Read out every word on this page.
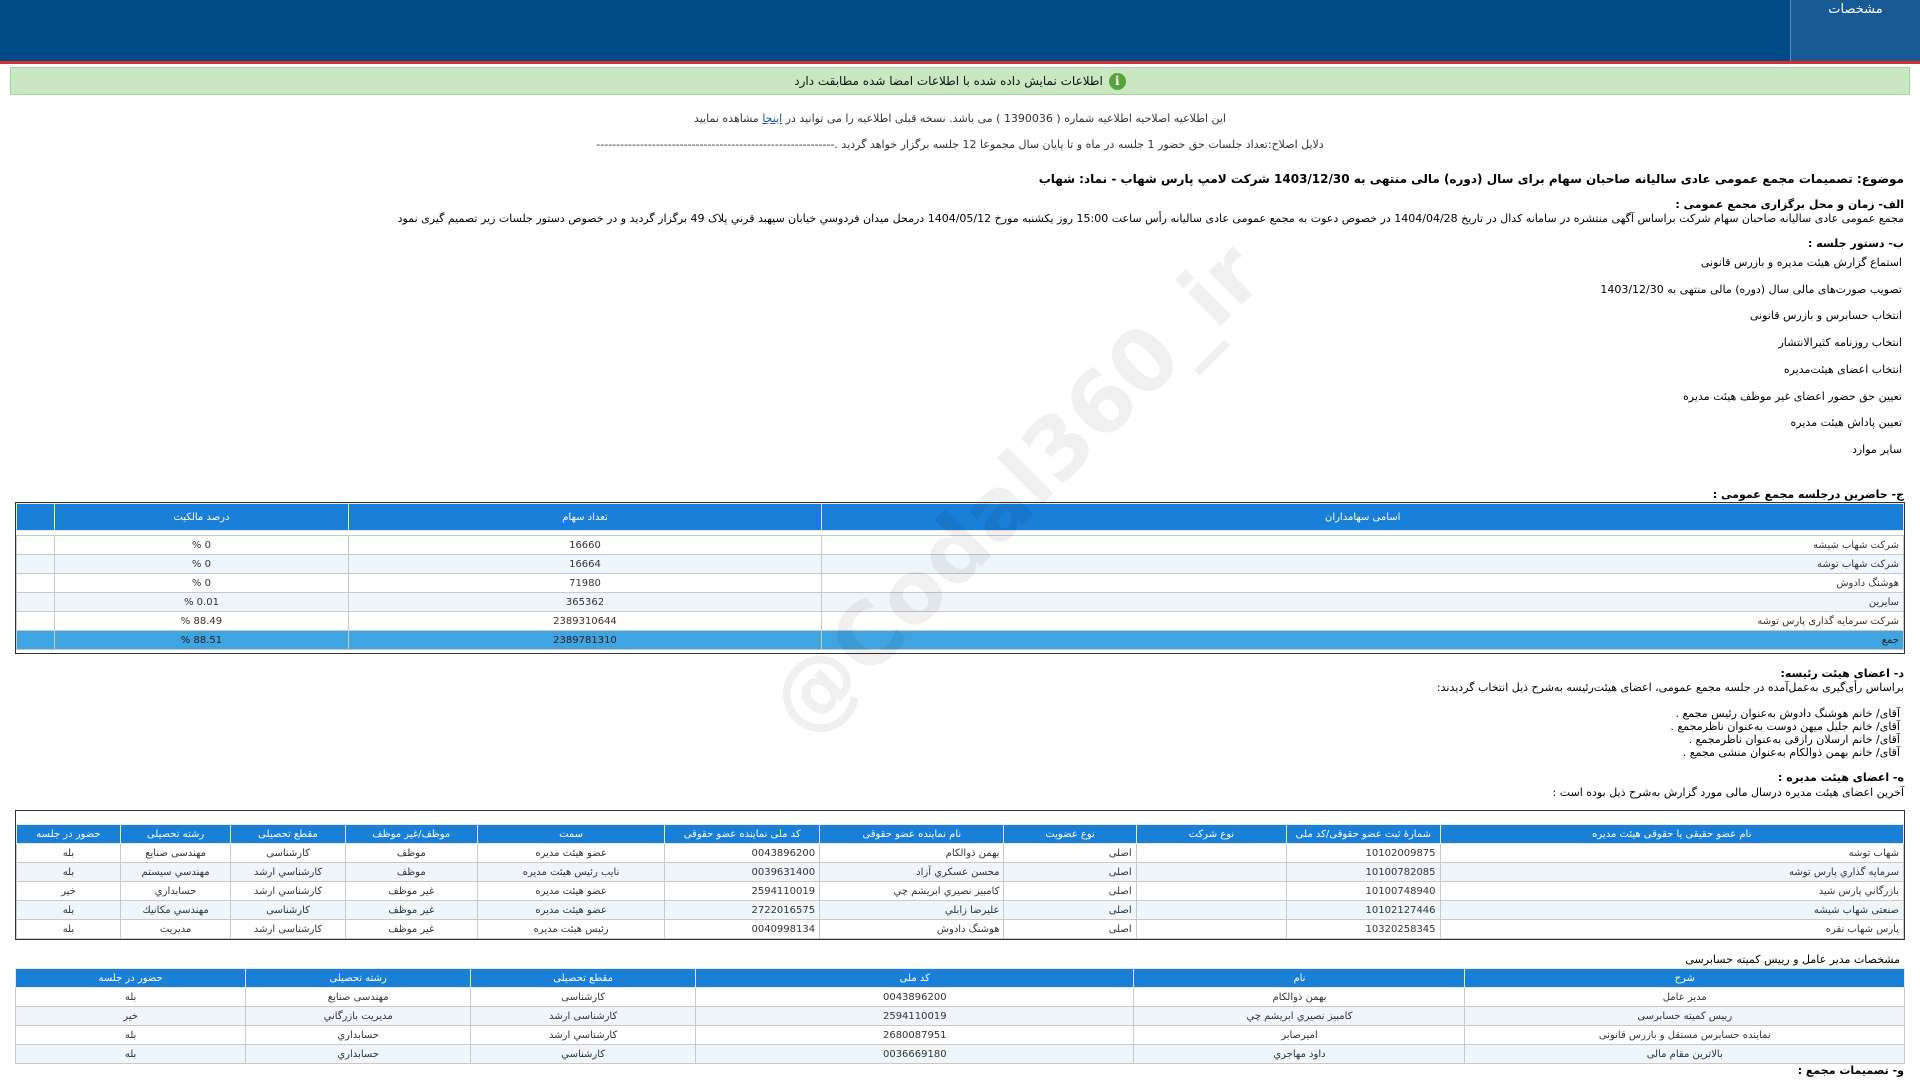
مشخصات
i
اطلاعات نمایش داده شده با اطلاعات امضا شده مطابقت دارد
این اطلاعیه اصلاحیه اطلاعیه شماره ( 1390036 ) می باشد. نسخه قبلی اطلاعیه را می توانید در اینجا مشاهده نمایید
دلایل اصلاح:تعداد جلسات حق حضور 1 جلسه در ماه و تا پایان سال مجموعا 12 جلسه برگزار خواهد گردید .------------------------------------------------------------
موضوع: تصمیمات مجمع عمومی عادی سالیانه صاحبان سهام برای سال (دوره) مالی منتهی به 1403/12/30 شرکت لامپ پارس شهاب - نماد: شهاب
الف- زمان و محل برگزاری مجمع عمومی :
مجمع عمومی عادی سالیانه صاحبان سهام شرکت براساس آگهی منتشره در سامانه کدال در تاریخ 1404/04/28 در خصوص دعوت به مجمع عمومی عادی سالیانه رأس ساعت 15:00 روز یکشنبه مورخ 1404/05/12 درمحل میدان فردوسي خيابان سپهبد قرني پلاک 49 برگزار گردید و در خصوص دستور جلسات زیر تصمیم گیری نمود
ب- دستور جلسه :
استماع گزارش هیئت مدیره و بازرس قانونی
تصویب صورت‌های مالی سال (دوره) مالی منتهی به 1403/12/30
انتخاب حسابرس و بازرس قانونی
انتخاب روزنامه کثیرالانتشار
انتخاب اعضای هیئت‌مدیره
تعیین حق حضور اعضای غیر موظف هیئت مدیره
تعیین پاداش هیئت مدیره
سایر موارد
ج- حاضرین درجلسه مجمع عمومی :
اسامی سهامداران	تعداد سهام	درصد مالکیت	

شرکت شهاب شیشه	16660	0 %	
شرکت شهاب توشه	16664	0 %	
هوشنگ دادوش	71980	0 %	
سایرین	365362	0.01 %	
شرکت سرمایه گذاری پارس توشه	2389310644	88.49 %	
جمع	2389781310	88.51 %	
د- اعضای هیئت رئیسه:
براساس رأی‌گیری به‌عمل‌آمده در جلسه مجمع عمومی، اعضای هیئت‌رئیسه به‌شرح ذیل انتخاب گردیدند:
آقای/ خانم هوشنگ دادوش به‌عنوان رئیس مجمع .
آقای/ خانم جلیل میهن دوست به‌عنوان ناظرمجمع .
آقای/ خانم ارسلان رازقی به‌عنوان ناظرمجمع .
آقای/ خانم بهمن ذوالکام به‌عنوان منشی مجمع .
ه- اعضای هیئت مدیره :
آخرین اعضای هیئت مدیره درسال مالی مورد گزارش به‌شرح ذیل بوده است :
نام عضو حقیقی یا حقوقی هیئت مدیره	شمارۀ ثبت عضو حقوقی/کد ملی	نوع شرکت	نوع عضویت	نام نماینده عضو حقوقی	کد ملی نماینده عضو حقوقی	سمت	موظف/غیر موظف	مقطع تحصیلی	رشته تحصیلی	حضور در جلسه
شهاب توشه	10102009875		اصلی	بهمن ذوالکام	0043896200	عضو هیئت مدیره	موظف	کارشناسی	مهندسی صنایع	بله
سرمايه گذاري پارس توشه	10100782085		اصلی	محسن عسكري آزاد	0039631400	نايب رئيس هيئت مديره	موظف	كارشناسي ارشد	مهندسي سيستم	بله
بازرگاني پارس شيد	10100748940		اصلی	كامبيز نصيري ابريشم چي	2594110019	عضو هیئت مدیره	غیر موظف	كارشناسي ارشد	حسابداري	خير
صنعتی شهاب شیشه	10102127446		اصلی	عليرضا زابلي	2722016575	عضو هیئت مدیره	غیر موظف	کارشناسی	مهندسي مكانيك	بله
پارس شهاب نقره	10320258345		اصلی	هوشنگ دادوش	0040998134	رئیس هیئت مدیره	غیر موظف	کارشناسی ارشد	مدیریت	بله
مشخصات مدیر عامل و رییس کمیته حسابرسی
شرح	نام	کد ملی	مقطع تحصیلی	رشته تحصیلی	حضور در جلسه
مدیر عامل	بهمن ذوالکام	0043896200	کارشناسی	مهندسی صنایع	بله
رییس کمیته حسابرسی	كامبيز نصيري ابريشم چي	2594110019	کارشناسی ارشد	مديريت بازرگاني	خير
نماینده حسابرس مستقل و بازرس قانونی	اميرصابر	2680087951	كارشناسي ارشد	حسابداري	بله
بالاترین مقام مالی	داود مهاجري	0036669180	كارشناسي	حسابداري	بله
و- تصمیمات مجمع :
@Codal360_ir
